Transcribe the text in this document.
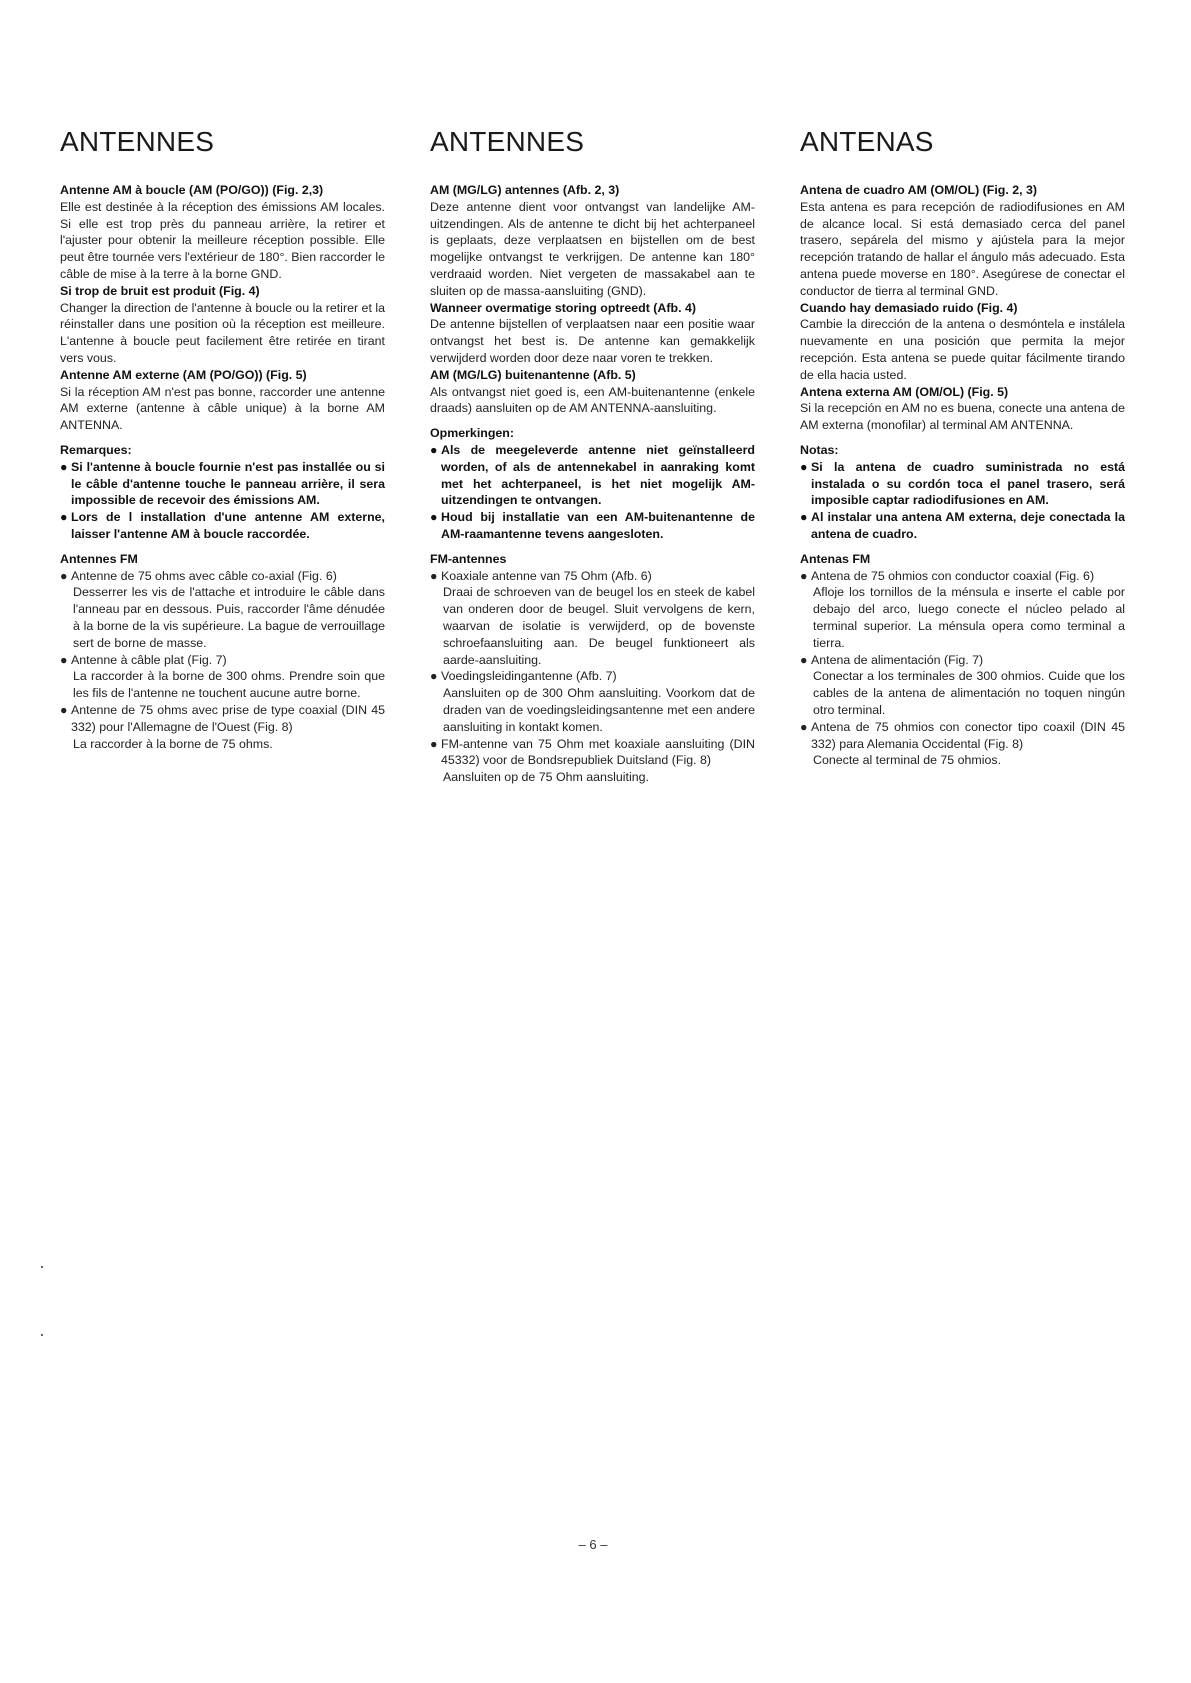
ANTENNES
Antenne AM à boucle (AM (PO/GO)) (Fig. 2,3)

Elle est destinée à la réception des émissions AM locales. Si elle est trop près du panneau arrière, la retirer et l'ajuster pour obtenir la meilleure réception possible. Elle peut être tournée vers l'extérieur de 180°. Bien raccorder le câble de mise à la terre à la borne GND.

Si trop de bruit est produit (Fig. 4)

Changer la direction de l'antenne à boucle ou la retirer et la réinstaller dans une position où la réception est meilleure. L'antenne à boucle peut facilement être retirée en tirant vers vous.

Antenne AM externe (AM (PO/GO)) (Fig. 5)

Si la réception AM n'est pas bonne, raccorder une antenne AM externe (antenne à câble unique) à la borne AM ANTENNA.

Remarques:
● Si l'antenne à boucle fournie n'est pas installée ou si le câble d'antenne touche le panneau arrière, il sera impossible de recevoir des émissions AM.
● Lors de l installation d'une antenne AM externe, laisser l'antenne AM à boucle raccordée.
Antennes FM
● Antenne de 75 ohms avec câble co-axial (Fig. 6)
Desserrer les vis de l'attache et introduire le câble dans l'anneau par en dessous. Puis, raccorder l'âme dénudée à la borne de la vis supérieure. La bague de verrouillage sert de borne de masse.
● Antenne à câble plat (Fig. 7)
La raccorder à la borne de 300 ohms. Prendre soin que les fils de l'antenne ne touchent aucune autre borne.
● Antenne de 75 ohms avec prise de type coaxial (DIN 45 332) pour l'Allemagne de l'Ouest (Fig. 8)
La raccorder à la borne de 75 ohms.
ANTENNES
AM (MG/LG) antennes (Afb. 2, 3)

Deze antenne dient voor ontvangst van landelijke AM-uitzendingen. Als de antenne te dicht bij het achterpaneel is geplaats, deze verplaatsen en bijstellen om de best mogelijke ontvangst te verkrijgen. De antenne kan 180° verdraaid worden. Niet vergeten de massakabel aan te sluiten op de massa-aansluiting (GND).

Wanneer overmatige storing optreedt (Afb. 4)

De antenne bijstellen of verplaatsen naar een positie waar ontvangst het best is. De antenne kan gemakkelijk verwijderd worden door deze naar voren te trekken.

AM (MG/LG) buitenantenne (Afb. 5)

Als ontvangst niet goed is, een AM-buitenantenne (enkele draads) aansluiten op de AM ANTENNA-aansluiting.

Opmerkingen:
● Als de meegeleverde antenne niet geïnstalleerd worden, of als de antennekabel in aanraking komt met het achterpaneel, is het niet mogelijk AM-uitzendingen te ontvangen.
● Houd bij installatie van een AM-buitenantenne de AM-raamantenne tevens aangesloten.
FM-antennes
● Koaxiale antenne van 75 Ohm (Afb. 6)
Draai de schroeven van de beugel los en steek de kabel van onderen door de beugel. Sluit vervolgens de kern, waarvan de isolatie is verwijderd, op de bovenste schroefaansluiting aan. De beugel funktioneert als aarde-aansluiting.
● Voedingsleidingantenne (Afb. 7)
Aansluiten op de 300 Ohm aansluiting. Voorkom dat de draden van de voedingsleidingsantenne met een andere aansluiting in kontakt komen.
● FM-antenne van 75 Ohm met koaxiale aansluiting (DIN 45332) voor de Bondsrepubliek Duitsland (Fig. 8)
Aansluiten op de 75 Ohm aansluiting.
ANTENAS
Antena de cuadro AM (OM/OL) (Fig. 2, 3)

Esta antena es para recepción de radiodifusiones en AM de alcance local. Si está demasiado cerca del panel trasero, sepárela del mismo y ajústela para la mejor recepción tratando de hallar el ángulo más adecuado. Esta antena puede moverse en 180°. Asegúrese de conectar el conductor de tierra al terminal GND.

Cuando hay demasiado ruido (Fig. 4)

Cambie la dirección de la antena o desmóntela e instálela nuevamente en una posición que permita la mejor recepción. Esta antena se puede quitar fácilmente tirando de ella hacia usted.

Antena externa AM (OM/OL) (Fig. 5)

Si la recepción en AM no es buena, conecte una antena de AM externa (monofilar) al terminal AM ANTENNA.

Notas:
● Si la antena de cuadro suministrada no está instalada o su cordón toca el panel trasero, será imposible captar radiodifusiones en AM.
● Al instalar una antena AM externa, deje conectada la antena de cuadro.
Antenas FM
● Antena de 75 ohmios con conductor coaxial (Fig. 6)
Afloje los tornillos de la ménsula e inserte el cable por debajo del arco, luego conecte el núcleo pelado al terminal superior. La ménsula opera como terminal a tierra.
● Antena de alimentación (Fig. 7)
Conectar a los terminales de 300 ohmios. Cuide que los cables de la antena de alimentación no toquen ningún otro terminal.
● Antena de 75 ohmios con conector tipo coaxil (DIN 45 332) para Alemania Occidental (Fig. 8)
Conecte al terminal de 75 ohmios.
– 6 –
